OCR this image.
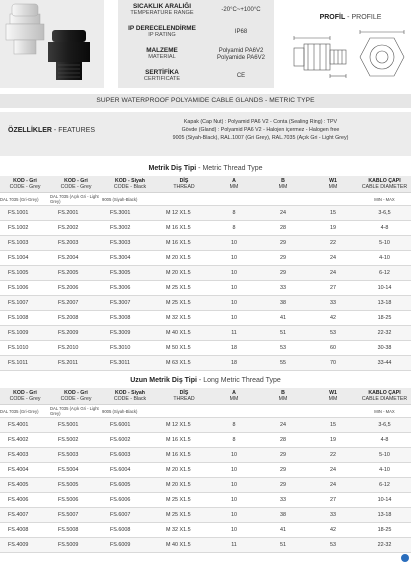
SICAKLIK ARALIĞI
TEMPERATURE RANGE	-20°C~+100°C
IP DERECELENDİRME
IP RATING	IP68
MALZEME
MATERIAL
Polyamid PA6V2
Polyamide PA6V2
SERTİFİKA
CERTIFICATE	CE
PROFİL - PROFILE
SUPER WATERPROOF POLYAMIDE CABLE GLANDS - METRIC TYPE
ÖZELLİKLER - FEATURES
Kapak (Cap Nut) : Polyamid PA6 V2 - Conta (Sealing Ring) : TPV
Gövde (Gland) : Polyamid PA6 V2 - Halojen içermez - Halogen free
9005 (Siyah-Black), RAL.1007 (Gri Grey), RAL.7035 (Açık Gri - Light Grey)
Metrik Diş Tipi - Metric Thread Type
KOD - Gri
CODE - Grey	KOD - Gri
CODE - Grey	KOD - Siyah
CODE - Black	DİŞ
THREAD	A
MM	B
MM	W1
MM	KABLO ÇAPI
CABLE DIAMETER
DAL 7035 (Gri-Grey)	DAL 7035 (Açık Gri - Light Grey)	9005 (Siyah-Black)					MIN - MAX
FS.1001	FS.2001	FS.3001	M 12 X1.5	8	24	15	3-6,5
FS.1002	FS.2002	FS.3002	M 16 X1.5	8	28	19	4-8
FS.1003	FS.2003	FS.3003	M 16 X1.5	10	29	22	5-10
FS.1004	FS.2004	FS.3004	M 20 X1.5	10	29	24	4-10
FS.1005	FS.2005	FS.3005	M 20 X1.5	10	29	24	6-12
FS.1006	FS.2006	FS.3006	M 25 X1.5	10	33	27	10-14
FS.1007	FS.2007	FS.3007	M 25 X1.5	10	38	33	13-18
FS.1008	FS.2008	FS.3008	M 32 X1.5	10	41	42	18-25
FS.1009	FS.2009	FS.3009	M 40 X1.5	11	51	53	22-32
FS.1010	FS.2010	FS.3010	M 50 X1.5	18	53	60	30-38
FS.1011	FS.2011	FS.3011	M 63 X1.5	18	55	70	33-44
Uzun Metrik Diş Tipi - Long Metric Thread Type
KOD - Gri
CODE - Grey	KOD - Gri
CODE - Grey	KOD - Siyah
CODE - Black	DİŞ
THREAD	A
MM	B
MM	W1
MM	KABLO ÇAPI
CABLE DIAMETER
DAL 7035 (Gri-Grey)	DAL 7035 (Açık Gri - Light Grey)	9005 (Siyah-Black)					MIN - MAX
FS.4001	FS.5001	FS.6001	M 12 X1.5	8	24	15	3-6,5
FS.4002	FS.5002	FS.6002	M 16 X1.5	8	28	19	4-8
FS.4003	FS.5003	FS.6003	M 16 X1.5	10	29	22	5-10
FS.4004	FS.5004	FS.6004	M 20 X1.5	10	29	24	4-10
FS.4005	FS.5005	FS.6005	M 20 X1.5	10	29	24	6-12
FS.4006	FS.5006	FS.6006	M 25 X1.5	10	33	27	10-14
FS.4007	FS.5007	FS.6007	M 25 X1.5	10	38	33	13-18
FS.4008	FS.5008	FS.6008	M 32 X1.5	10	41	42	18-25
FS.4009	FS.5009	FS.6009	M 40 X1.5	11	51	53	22-32
